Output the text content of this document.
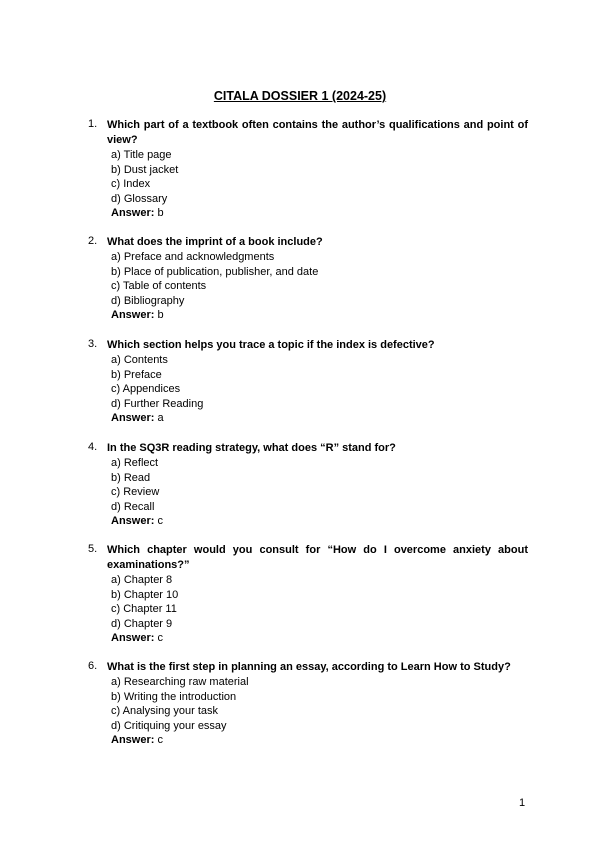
CITALA DOSSIER 1 (2024-25)
1. Which part of a textbook often contains the author’s qualifications and point of view?
a) Title page
b) Dust jacket
c) Index
d) Glossary
Answer: b
2. What does the imprint of a book include?
a) Preface and acknowledgments
b) Place of publication, publisher, and date
c) Table of contents
d) Bibliography
Answer: b
3. Which section helps you trace a topic if the index is defective?
a) Contents
b) Preface
c) Appendices
d) Further Reading
Answer: a
4. In the SQ3R reading strategy, what does “R” stand for?
a) Reflect
b) Read
c) Review
d) Recall
Answer: c
5. Which chapter would you consult for “How do I overcome anxiety about examinations?”
a) Chapter 8
b) Chapter 10
c) Chapter 11
d) Chapter 9
Answer: c
6. What is the first step in planning an essay, according to Learn How to Study?
a) Researching raw material
b) Writing the introduction
c) Analysing your task
d) Critiquing your essay
Answer: c
1
